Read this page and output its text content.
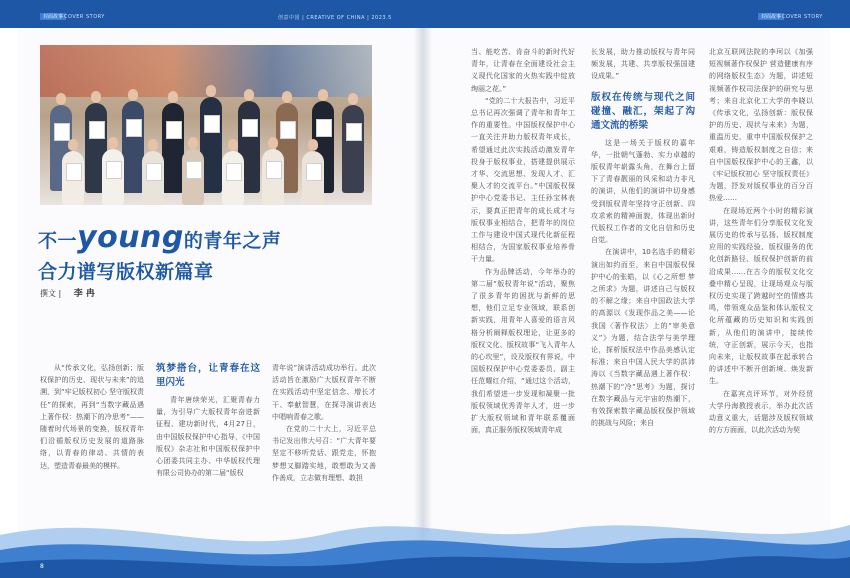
封面故事 COVER STORY	创意中国 | CREATIVE OF CHINA | 2023.5	封面故事 COVER STORY
不一young的青年之声
合力谱写版权新篇章
撰文 | 李 冉

从“传承文化，弘扬创新；版权保护的历史、现状与未来”的追溯，到“牢记版权初心 坚守版权责任”的探索，再到“当数字藏品遇上著作权：热潮下的冷思考”——随着时代场景的变换，版权青年们沿循版权历史发展的道路脉络，以青春的律动、共情的表达，塑造青春最美的模样。

筑梦搭台，让青春在这里闪光

青年唐续荣光，汇聚青春力量，为引导广大版权青年奋进新征程、建功新时代，4月27日，由中国版权保护中心指导，《中国版权》杂志社和中国版权保护中心团委共同主办、中华版权代理有限公司协办的第二届“版权

青年说”演讲活动成功举行。此次活动旨在激励广大版权青年不断在实践活动中坚定信念、增长才干、奉献智慧，在探寻演讲表达中唱响青春之歌。

在党的二十大上，习近平总书记发出伟大号召：“广大青年要坚定不移听党话、跟党走，怀抱梦想又脚踏实地，敢想敢为又善作善成，立志做有理想、敢担

当、能吃苦、肯奋斗的新时代好青年，让青春在全面建设社会主义现代化国家的火热实践中绽放绚丽之花。”

“党的二十大报告中，习近平总书记再次强调了青年和青年工作的重要性。中国版权保护中心一直关注并助力版权青年成长，希望通过此次实践活动激发青年投身于版权事业，搭建提供展示才华、交流思想、发现人才、汇聚人才的交流平台。”中国版权保护中心党委书记、主任孙宝林表示，要真正把青年的成长成才与版权事业相结合，把青年的岗位工作与建设中国式现代化新征程相结合，为国家版权事业培养骨干力量。

作为品牌活动，今年举办的第二届“版权青年说”活动，聚焦了很多青年的困扰与新鲜的思想，他们立足专业领域，联系创新实践，用青年人喜爱的语言风格分析阐释版权理论，让更多的版权文化、版权故事“飞入青年人的心坎里”，设及版权有界说，中国版权保护中心党委委员、副主任范耀红介绍，“通过这个活动，我们希望进一步发现和凝聚一批版权领域优秀青年人才，进一步扩大版权领域和青年联系覆面面，真正服务版权领域青年成

长发展，助力推动版权与青年同频发展，共建、共享版权强国建设成果。”

版权在传统与现代之间碰撞、融汇，架起了沟通文流的桥梁

这是一场关于版权的嘉年华，一批朝气蓬勃、实力卓越的版权青年崭露头角，在舞台上留下了青春靓丽的风采和动力非凡的演讲，从他们的演讲中切身感受到版权青年坚持守正创新、四攻求索的精神面貌，体现出新时代版权工作者的文化自信和历史自觉。

在演讲中，10名选手的精彩演出如约而至，来自中国版权保护中心的张皓，以《心之所想 梦之所求》为题，讲述自己与版权的不解之缘；来自中国政法大学的高源以《发现作品之美——论我国〈著作权法〉上的“审美意义”》为题，结合法学与美学理论，探析版权法中作品美感认定标准；来自中国人民大学的洪沛涛以《当数字藏品遇上著作权：热潮下的“冷”思考》为题，探讨在数字藏品与元宇宙的热潮下，有效探索数字藏品版权保护领域的挑战与风险；来自

北京互联网法院的李珂以《加强短视频著作权保护 营造健康有序的网络版权生态》为题，讲述短视频著作权司法保护的研究与思考；来自北京化工大学的李晓以《传承文化，弘扬创新：版权保护的历史、现状与未来》为题，重温历史，重申中国版权保护之艰难，铸造版权制度之自信；来自中国版权保护中心的王鑫，以《牢记版权初心 坚守版权责任》为题，抒发对版权事业的百分百热爱……

在现场近两个小时的精彩演讲，这些青年们分享版权文化发展历史的传承与弘扬、版权制度应用的实践经验、版权服务的优化创新路径、版权保护创新的前沿成果……在古今的版权文化交叠中精心呈现，让现场观众与版权历史实现了跨越时空的情感共鸣，带领观众品鉴和体认版权文化所蕴藏的历史知识和实践创新，从他们的演讲中，接续传统，守正创新，展示今天，也指向未来，让版权故事在起承转合的讲述中不断开创新境、焕发新生。

在嘉宾点评环节，对外经贸大学丹海教授表示，举办此次活动意义重大，话题涉及版权领域的方方面面，以此次活动为契

8
